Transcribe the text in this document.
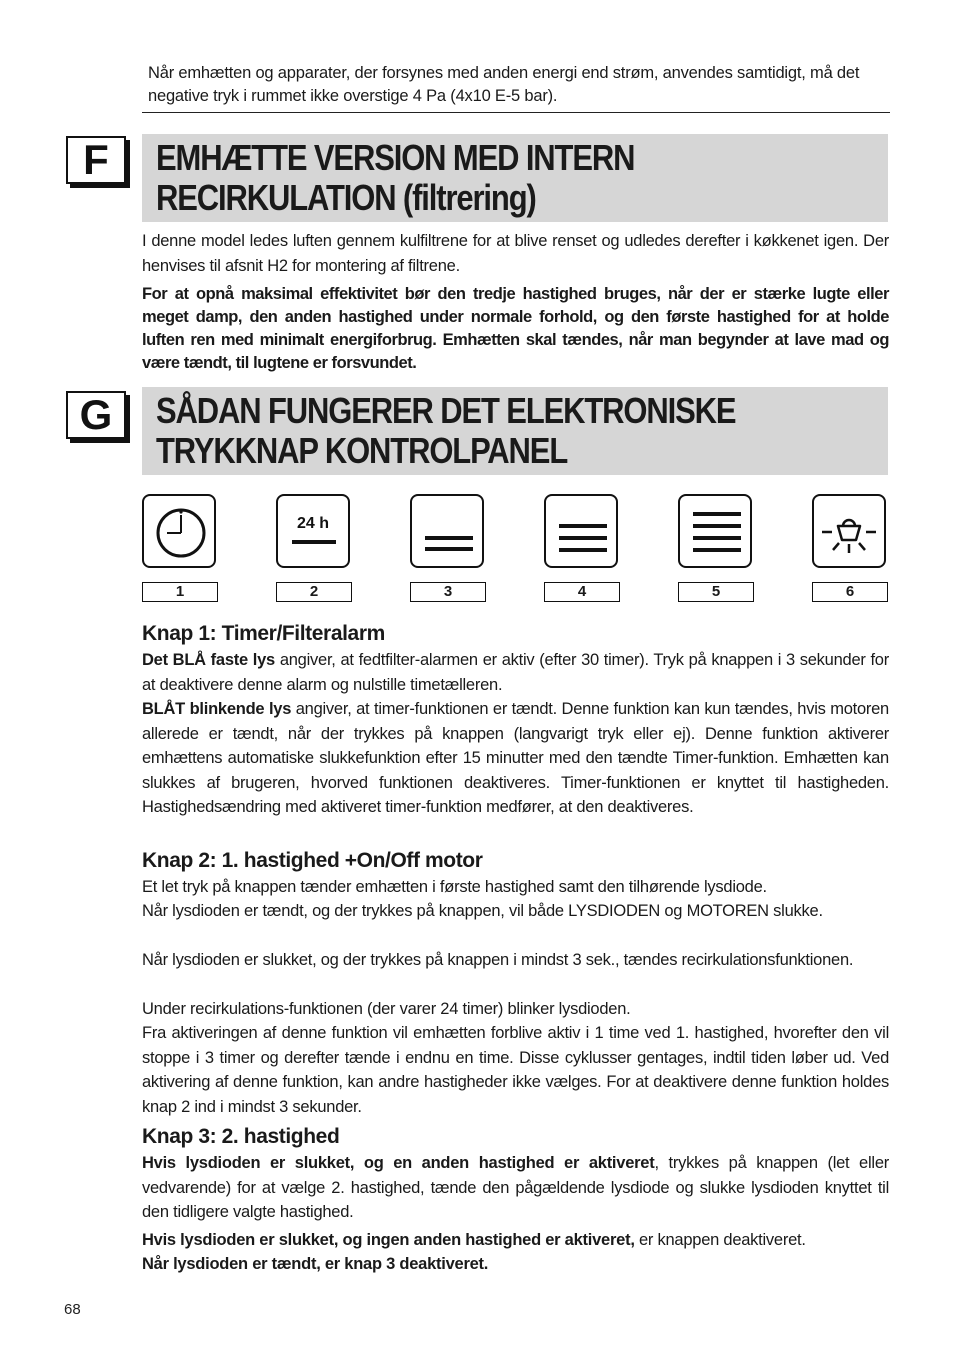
Når emhætten og apparater, der forsynes med anden energi end strøm, anvendes samtidigt, må det negative tryk i rummet ikke overstige 4 Pa (4x10 E-5 bar).
F	EMHÆTTE VERSION MED INTERN
RECIRKULATION (filtrering)
I denne model ledes luften gennem kulfiltrene for at blive renset og udledes derefter i køkkenet igen. Der henvises til afsnit H2 for montering af filtrene.
For at opnå maksimal effektivitet bør den tredje hastighed bruges, når der er stærke lugte eller meget damp, den anden hastighed under normale forhold, og den første hastighed for at holde luften ren med minimalt energiforbrug. Emhætten skal tændes, når man begynder at lave mad og være tændt, til lugtene er forsvundet.
G	SÅDAN FUNGERER DET ELEKTRONISKE
TRYKKNAP KONTROLPANEL
24 h
1	2	3	4	5	6
Knap 1: Timer/Filteralarm
Det BLÅ faste lys angiver, at fedtfilter-alarmen er aktiv (efter 30 timer). Tryk på knappen i 3 sekunder for at deaktivere denne alarm og nulstille timetælleren.
BLÅT blinkende lys angiver, at timer-funktionen er tændt. Denne funktion kan kun tændes, hvis motoren allerede er tændt, når der trykkes på knappen (langvarigt tryk eller ej). Denne funktion aktiverer emhættens automatiske slukkefunktion efter 15 minutter med den tændte Timer-funktion. Emhætten kan slukkes af brugeren, hvorved funktionen deaktiveres. Timer-funktionen er knyttet til hastigheden. Hastighedsændring med aktiveret timer-funktion medfører, at den deaktiveres.
Knap 2: 1. hastighed +On/Off motor
Et let tryk på knappen tænder emhætten i første hastighed samt den tilhørende lysdiode.
Når lysdioden er tændt, og der trykkes på knappen, vil både LYSDIODEN og MOTOREN slukke.
Når lysdioden er slukket, og der trykkes på knappen i mindst 3 sek., tændes recirkulationsfunktionen.
Under recirkulations-funktionen (der varer 24 timer) blinker lysdioden.
Fra aktiveringen af denne funktion vil emhætten forblive aktiv i 1 time ved 1. hastighed, hvorefter den vil stoppe i 3 timer og derefter tænde i endnu en time. Disse cyklusser gentages, indtil tiden løber ud. Ved aktivering af denne funktion, kan andre hastigheder ikke vælges. For at deaktivere denne funktion holdes knap 2 ind i mindst 3 sekunder.
Knap 3: 2. hastighed
Hvis lysdioden er slukket, og en anden hastighed er aktiveret, trykkes på knappen (let eller vedvarende) for at vælge 2. hastighed, tænde den pågældende lysdiode og slukke lysdioden knyttet til den tidligere valgte hastighed.
Hvis lysdioden er slukket, og ingen anden hastighed er aktiveret, er knappen deaktiveret.
Når lysdioden er tændt, er knap 3 deaktiveret.
68
